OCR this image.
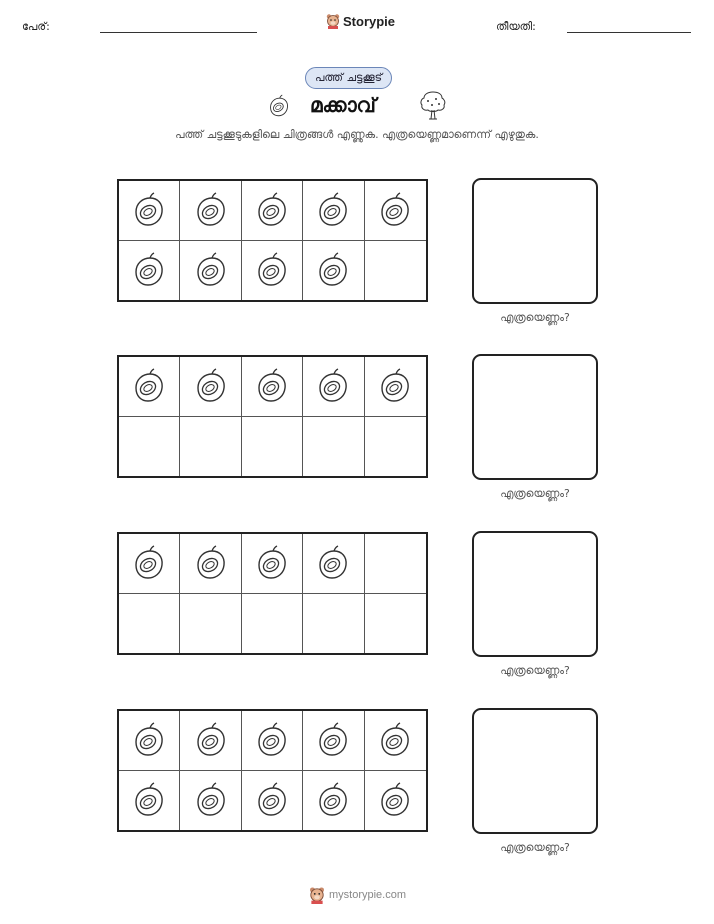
പേര്:	Storypie	തീയതി:
പത്ത് ചട്ടക്കൂട്
മക്കാവ്
പത്ത് ചട്ടക്കൂടുകളിലെ ചിത്രങ്ങൾ എണ്ണുക. എത്രയെണ്ണമാണെന്ന് എഴുതുക.
എത്രയെണ്ണം?
എത്രയെണ്ണം?
എത്രയെണ്ണം?
എത്രയെണ്ണം?
mystorypie.com
